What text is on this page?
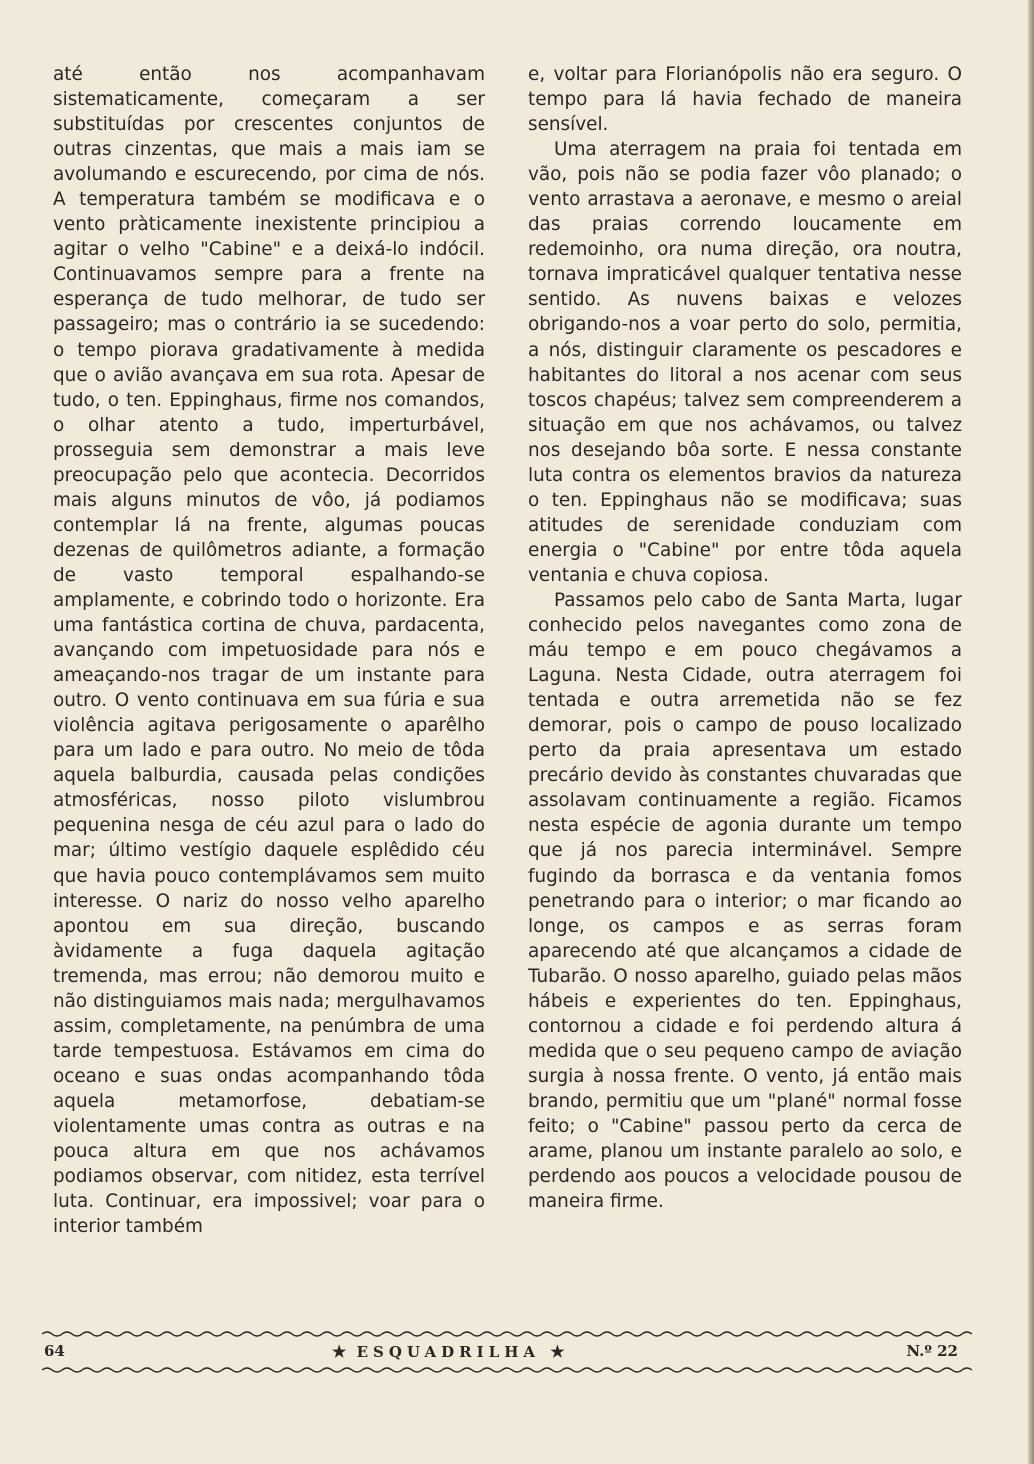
até então nos acompanhavam sistematicamente, começaram a ser substituídas por crescentes conjuntos de outras cinzentas, que mais a mais iam se avolumando e escurecendo, por cima de nós. A temperatura também se modificava e o vento pràticamente inexistente principiou a agitar o velho "Cabine" e a deixá-lo indócil. Continuavamos sempre para a frente na esperança de tudo melhorar, de tudo ser passageiro; mas o contrário ia se sucedendo: o tempo piorava gradativamente à medida que o avião avançava em sua rota. Apesar de tudo, o ten. Eppinghaus, firme nos comandos, o olhar atento a tudo, imperturbável, prosseguia sem demonstrar a mais leve preocupação pelo que acontecia. Decorridos mais alguns minutos de vôo, já podiamos contemplar lá na frente, algumas poucas dezenas de quilômetros adiante, a formação de vasto temporal espalhando-se amplamente, e cobrindo todo o horizonte. Era uma fantástica cortina de chuva, pardacenta, avançando com impetuosidade para nós e ameaçando-nos tragar de um instante para outro. O vento continuava em sua fúria e sua violência agitava perigosamente o aparêlho para um lado e para outro. No meio de tôda aquela balburdia, causada pelas condições atmosféricas, nosso piloto vislumbrou pequenina nesga de céu azul para o lado do mar; último vestígio daquele esplêdido céu que havia pouco contemplávamos sem muito interesse. O nariz do nosso velho aparelho apontou em sua direção, buscando àvidamente a fuga daquela agitação tremenda, mas errou; não demorou muito e não distinguiamos mais nada; mergulhavamos assim, completamente, na penúmbra de uma tarde tempestuosa. Estávamos em cima do oceano e suas ondas acompanhando tôda aquela metamorfose, debatiam-se violentamente umas contra as outras e na pouca altura em que nos achávamos podiamos observar, com nitidez, esta terrível luta. Continuar, era impossivel; voar para o interior também

e, voltar para Florianópolis não era seguro. O tempo para lá havia fechado de maneira sensível.

Uma aterragem na praia foi tentada em vão, pois não se podia fazer vôo planado; o vento arrastava a aeronave, e mesmo o areial das praias correndo loucamente em redemoinho, ora numa direção, ora noutra, tornava impraticável qualquer tentativa nesse sentido. As nuvens baixas e velozes obrigando-nos a voar perto do solo, permitia, a nós, distinguir claramente os pescadores e habitantes do litoral a nos acenar com seus toscos chapéus; talvez sem compreenderem a situação em que nos achávamos, ou talvez nos desejando bôa sorte. E nessa constante luta contra os elementos bravios da natureza o ten. Eppinghaus não se modificava; suas atitudes de serenidade conduziam com energia o "Cabine" por entre tôda aquela ventania e chuva copiosa.

Passamos pelo cabo de Santa Marta, lugar conhecido pelos navegantes como zona de máu tempo e em pouco chegávamos a Laguna. Nesta Cidade, outra aterragem foi tentada e outra arremetida não se fez demorar, pois o campo de pouso localizado perto da praia apresentava um estado precário devido às constantes chuvaradas que assolavam continuamente a região. Ficamos nesta espécie de agonia durante um tempo que já nos parecia interminável. Sempre fugindo da borrasca e da ventania fomos penetrando para o interior; o mar ficando ao longe, os campos e as serras foram aparecendo até que alcançamos a cidade de Tubarão. O nosso aparelho, guiado pelas mãos hábeis e experientes do ten. Eppinghaus, contornou a cidade e foi perdendo altura á medida que o seu pequeno campo de aviação surgia à nossa frente. O vento, já então mais brando, permitiu que um "plané" normal fosse feito; o "Cabine" passou perto da cerca de arame, planou um instante paralelo ao solo, e perdendo aos poucos a velocidade pousou de maneira firme.

64	★ ESQUADRILHA ★	N.º 22
